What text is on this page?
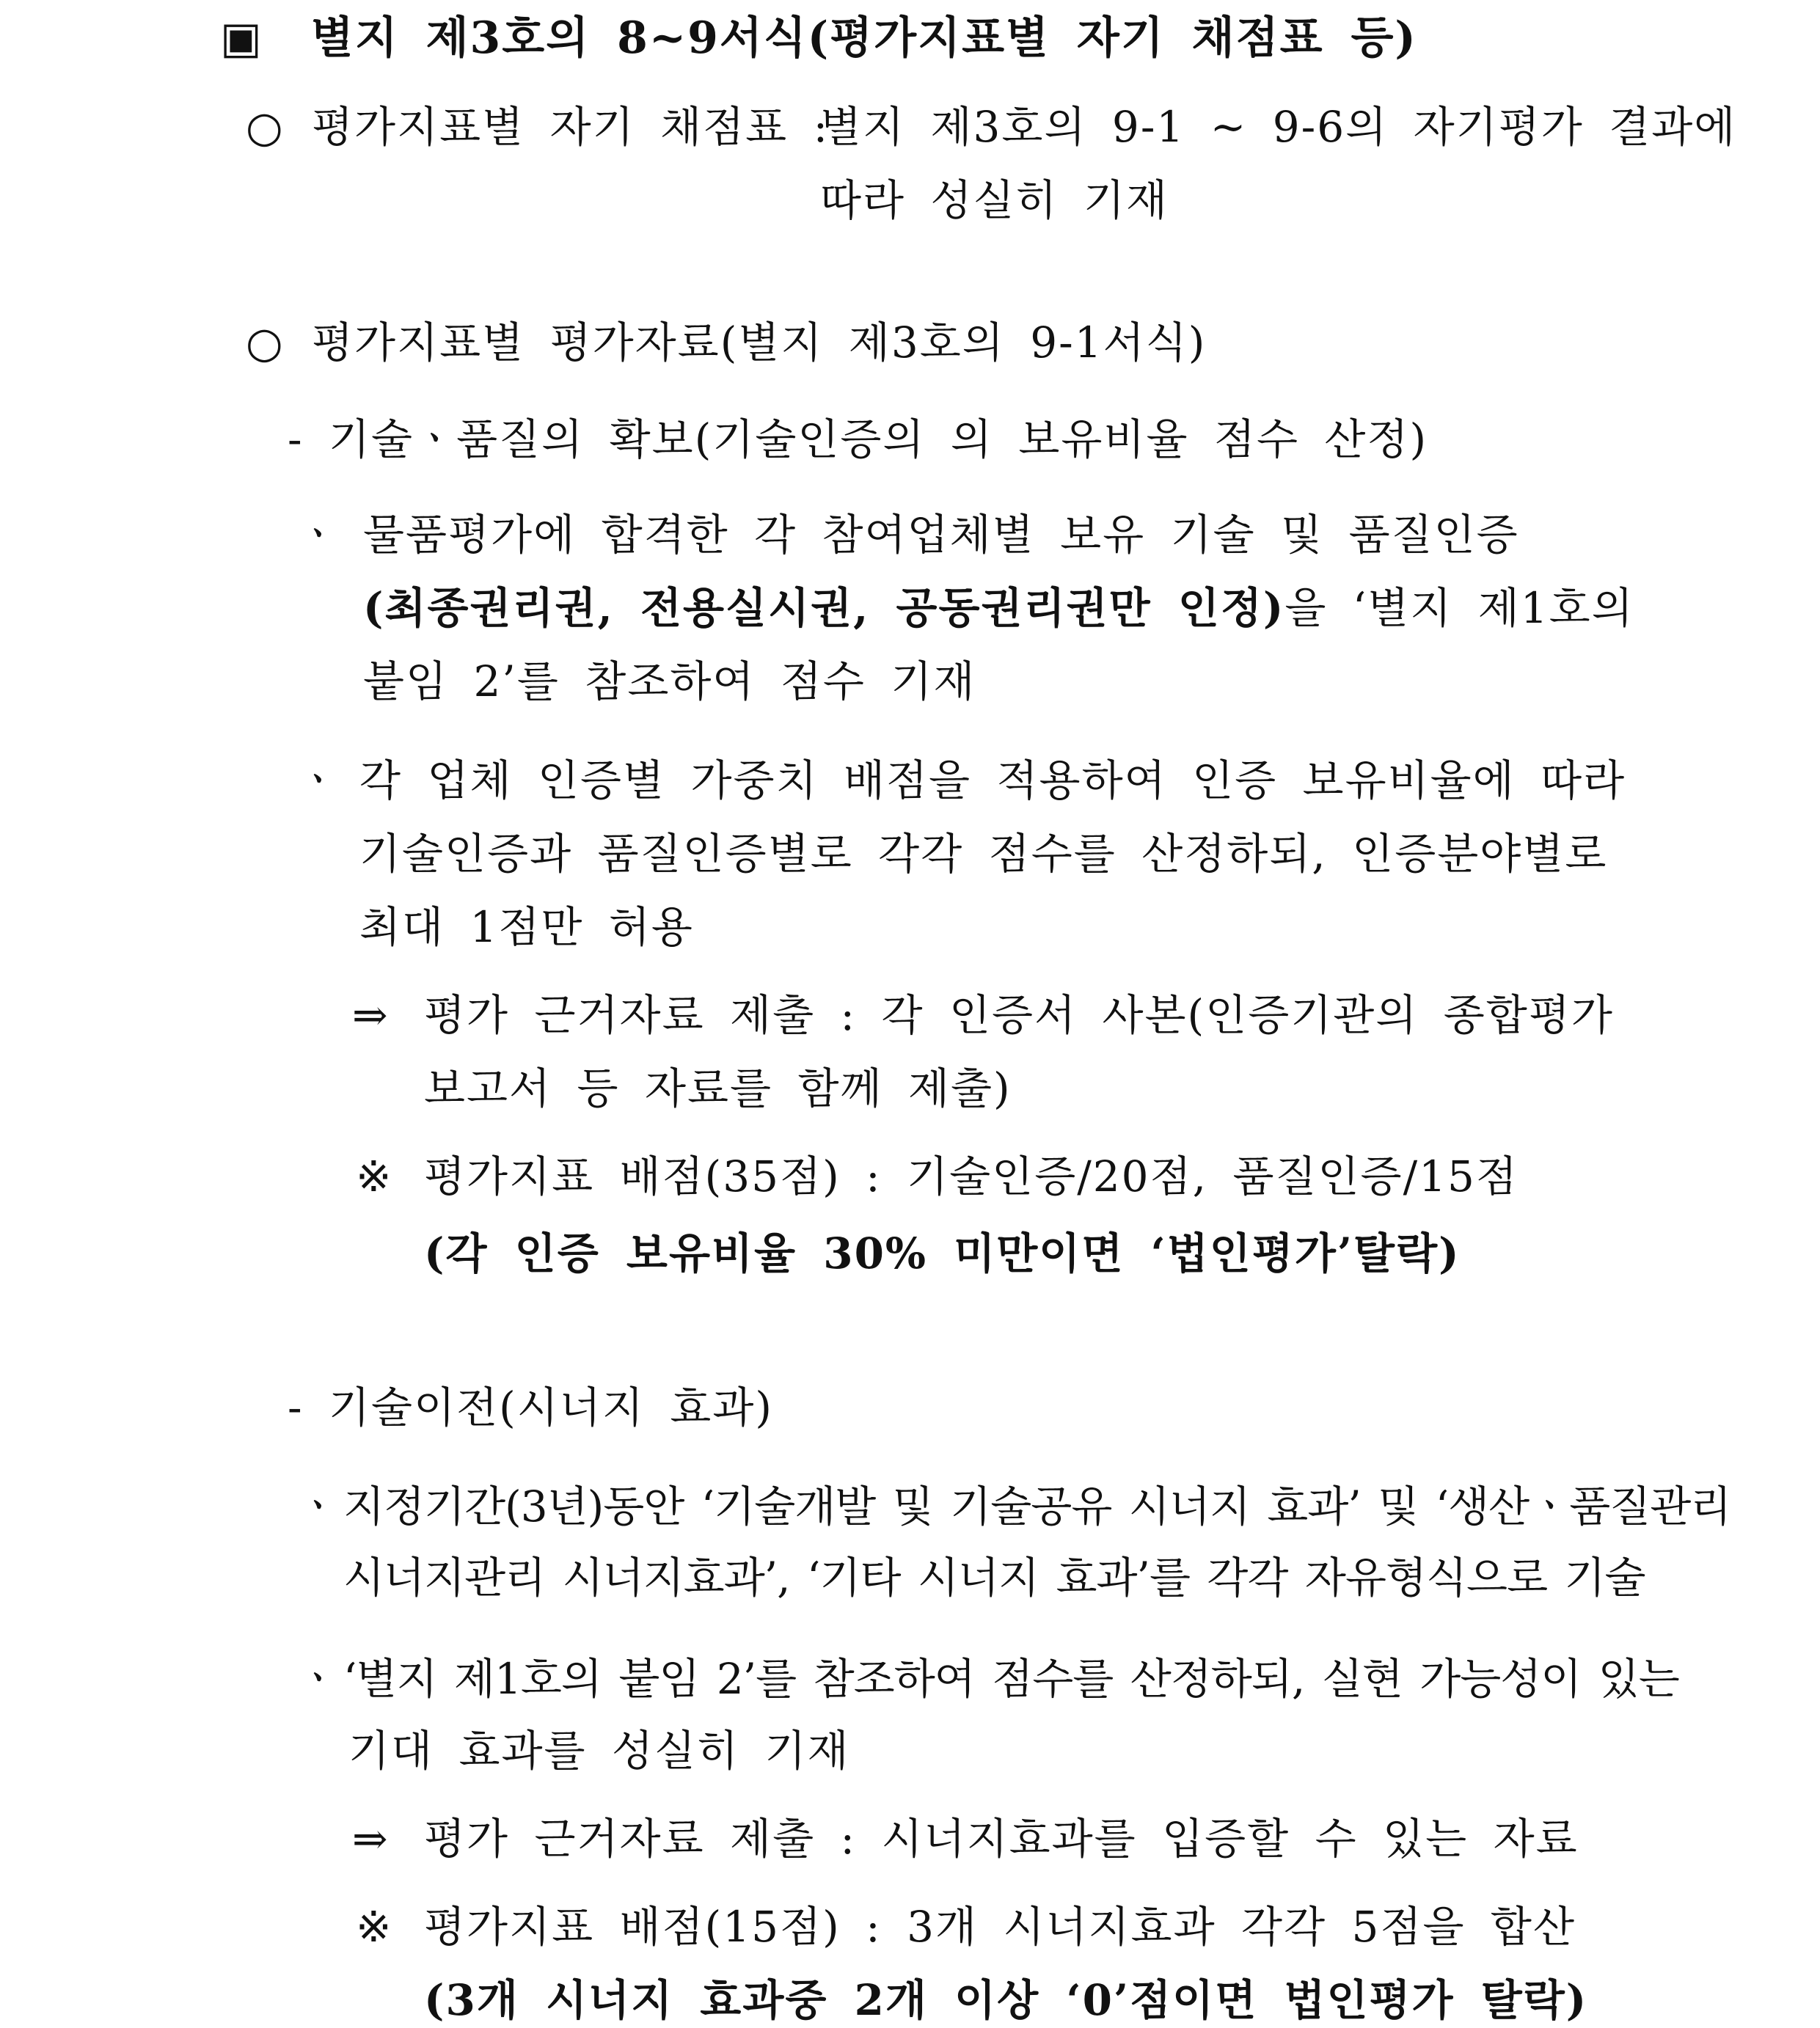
▣ 별지 제3호의 8~9서식(평가지표별 자기 채점표 등)
○ 평가지표별 자기 채점표 :
별지 제3호의 9-1 ~ 9-6의 자기평가 결과에
따라 성실히 기재
○ 평가지표별 평가자료(별지 제3호의 9-1서식)
- 기술ㆍ품질의 확보(기술인증의 의 보유비율 점수 산정)
ㆍ 물품평가에 합격한 각 참여업체별 보유 기술 및 품질인증
(최종권리권, 전용실시권, 공동권리권만 인정)을 ‘별지 제1호의
붙임 2’를 참조하여 점수 기재
ㆍ 각 업체 인증별 가중치 배점을 적용하여 인증 보유비율에 따라
기술인증과 품질인증별로 각각 점수를 산정하되, 인증분야별로
최대 1점만 허용
⇒ 평가 근거자료 제출 : 각 인증서 사본(인증기관의 종합평가
보고서 등 자료를 함께 제출)
※ 평가지표 배점(35점) : 기술인증/20점, 품질인증/15점
(각 인증 보유비율 30% 미만이면 ‘법인평가’탈락)
- 기술이전(시너지 효과)
ㆍ 지정기간(3년)동안 ‘기술개발 및 기술공유 시너지 효과’ 및 ‘생산ㆍ품질관리
시너지관리 시너지효과’, ‘기타 시너지 효과’를 각각 자유형식으로 기술
ㆍ ‘별지 제1호의 붙임 2’를 참조하여 점수를 산정하되, 실현 가능성이 있는
기대 효과를 성실히 기재
⇒ 평가 근거자료 제출 : 시너지효과를 입증할 수 있는 자료
※ 평가지표 배점(15점) : 3개 시너지효과 각각 5점을 합산
(3개 시너지 효과중 2개 이상 ‘0’점이면 법인평가 탈락)
